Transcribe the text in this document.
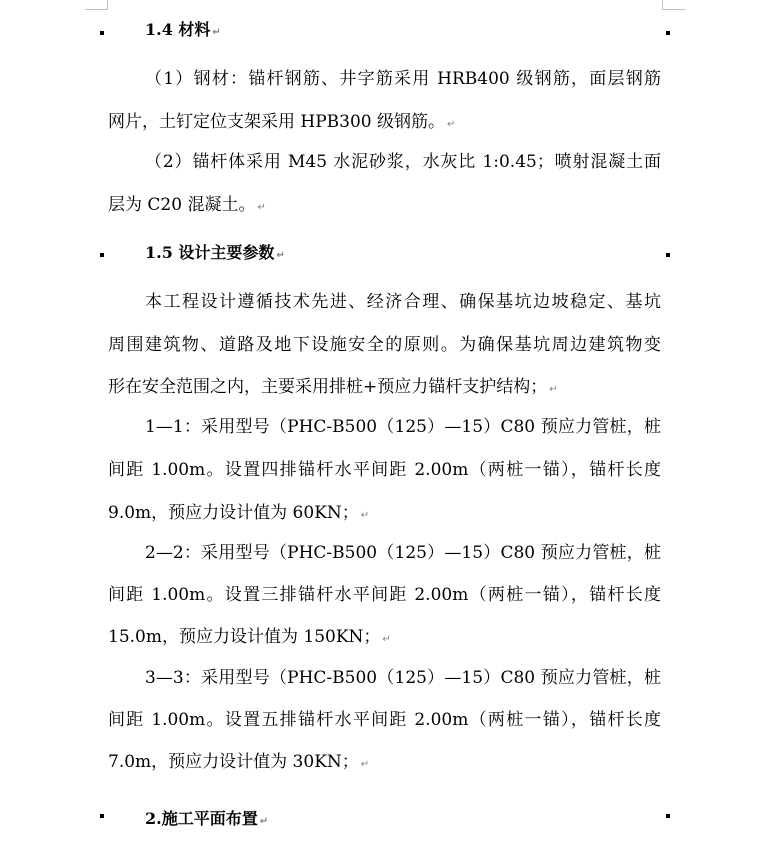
1.4 材料 ↵
（1）钢材：锚杆钢筋、井字筋采用 HRB400 级钢筋，面层钢筋
网片，土钉定位支架采用 HPB300 级钢筋。 ↵
（2）锚杆体采用 M45 水泥砂浆，水灰比 1:0.45；喷射混凝土面
层为 C20 混凝土。 ↵
1.5 设计主要参数 ↵
本工程设计遵循技术先进、经济合理、确保基坑边坡稳定、基坑
周围建筑物、道路及地下设施安全的原则。为确保基坑周边建筑物变
形在安全范围之内，主要采用排桩+预应力锚杆支护结构； ↵
1—1：采用型号（PHC-B500（125）—15）C80 预应力管桩，桩
间距 1.00m。设置四排锚杆水平间距 2.00m（两桩一锚），锚杆长度
9.0m，预应力设计值为 60KN； ↵
2—2：采用型号（PHC-B500（125）—15）C80 预应力管桩，桩
间距 1.00m。设置三排锚杆水平间距 2.00m（两桩一锚），锚杆长度
15.0m，预应力设计值为 150KN； ↵
3—3：采用型号（PHC-B500（125）—15）C80 预应力管桩，桩
间距 1.00m。设置五排锚杆水平间距 2.00m（两桩一锚），锚杆长度
7.0m，预应力设计值为 30KN； ↵
2.施工平面布置 ↵
